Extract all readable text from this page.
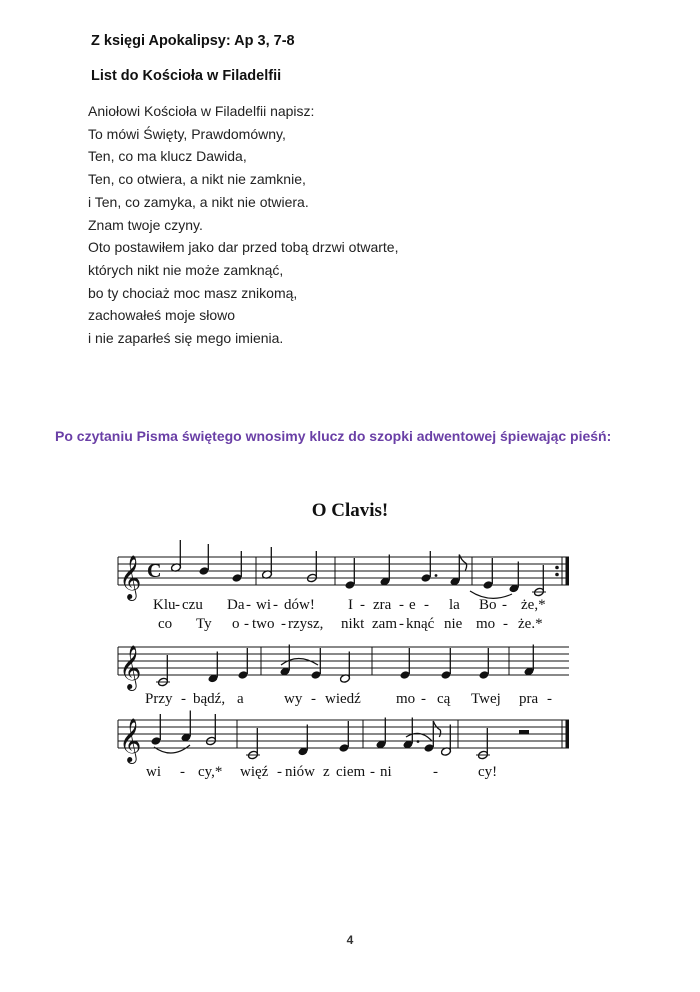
Z księgi Apokalipsy: Ap 3, 7-8
List do Kościoła w Filadelfii
Aniołowi Kościoła w Filadelfii napisz:
To mówi Święty, Prawdomówny,
Ten, co ma klucz Dawida,
Ten, co otwiera, a nikt nie zamknie,
i Ten, co zamyka, a nikt nie otwiera.
Znam twoje czyny.
Oto postawiłem jako dar przed tobą drzwi otwarte,
których nikt nie może zamknąć,
bo ty chociaż moc masz znikomą,
zachowałeś moje słowo
i nie zaparłeś się mego imienia.
Po czytaniu Pisma świętego wnosimy klucz do szopki adwentowej śpiewając pieśń:
O Clavis!
𝄞 C
Klu - czu Da - wi - dów! I - zra - e - la Bo - że,*
co Ty o - two - rzysz, nikt zam - knąć nie mo - że.*
𝄞
Przy - bądź, a	wy - wiedź mo - cą Twej pra -
𝄞
wi - cy,* więź - niów z ciem - ni	-	cy!
4
